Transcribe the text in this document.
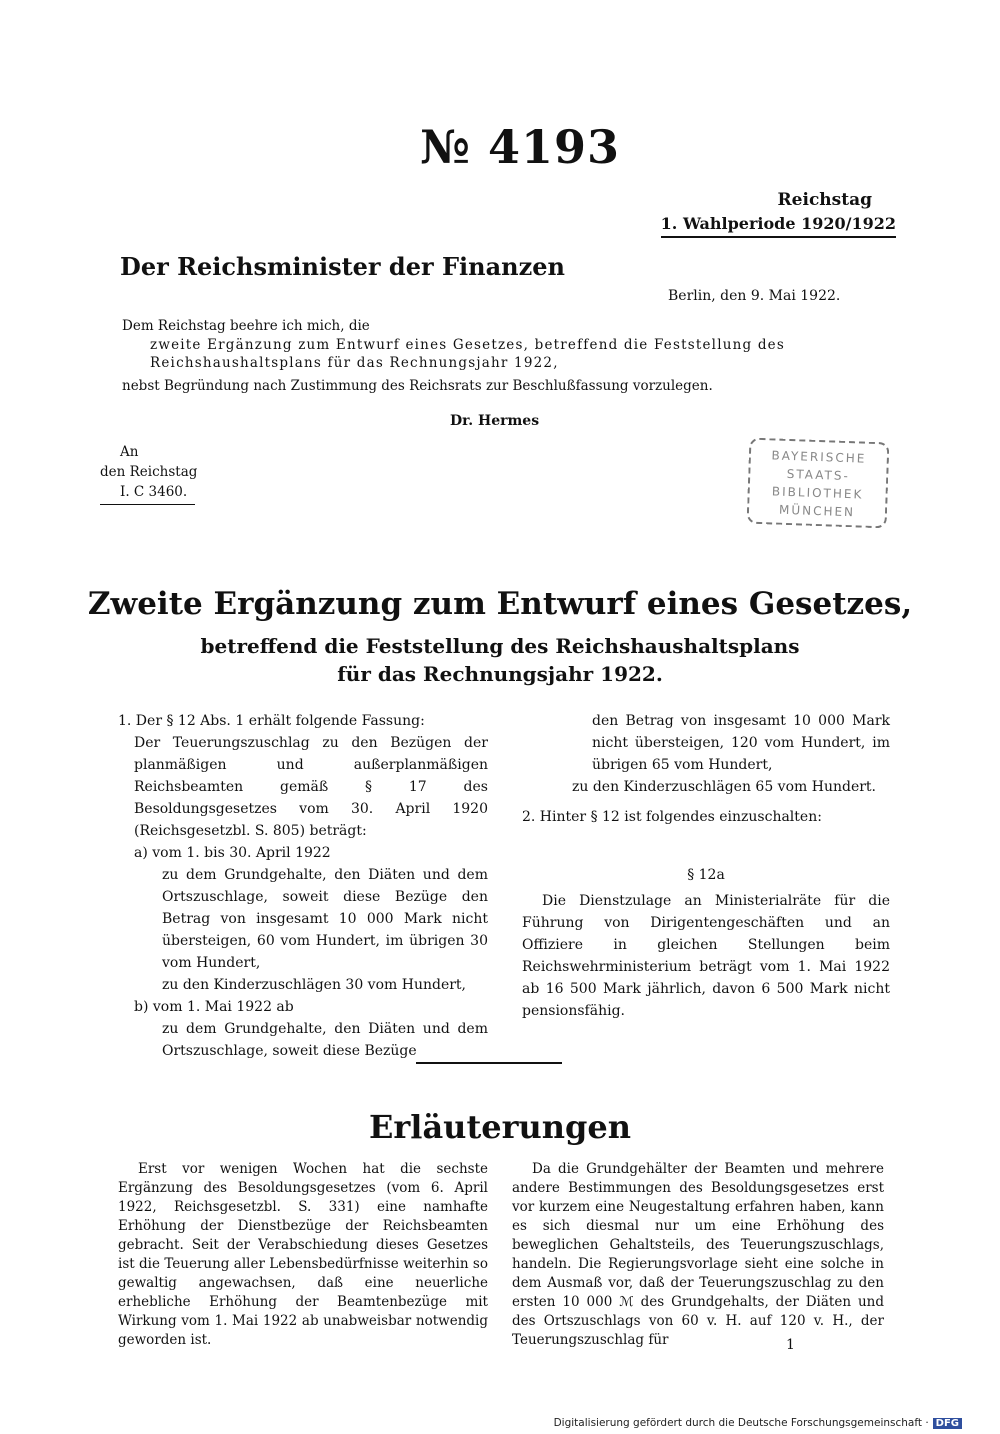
№ 4193
Reichstag
1. Wahlperiode 1920/1922
Der Reichsminister der Finanzen
Berlin, den 9. Mai 1922.
Dem Reichstag beehre ich mich, die
zweite Ergänzung zum Entwurf eines Gesetzes, betreffend die Feststellung des Reichshaushaltsplans für das Rechnungsjahr 1922,
nebst Begründung nach Zustimmung des Reichsrats zur Beschlußfassung vorzulegen.
Dr. Hermes
An
den Reichstag
I. C 3460.
BAYERISCHE
STAATS-
BIBLIOTHEK
MÜNCHEN
Zweite Ergänzung zum Entwurf eines Gesetzes,
betreffend die Feststellung des Reichshaushaltsplans
für das Rechnungsjahr 1922.

1. Der § 12 Abs. 1 erhält folgende Fassung:

Der Teuerungszuschlag zu den Bezügen der planmäßigen und außerplanmäßigen Reichsbeamten gemäß § 17 des Besoldungsgesetzes vom 30. April 1920 (Reichsgesetzbl. S. 805) beträgt:

a) vom 1. bis 30. April 1922

zu dem Grundgehalte, den Diäten und dem Ortszuschlage, soweit diese Bezüge den Betrag von insgesamt 10 000 Mark nicht übersteigen, 60 vom Hundert, im übrigen 30 vom Hundert,

zu den Kinderzuschlägen 30 vom Hundert,

b) vom 1. Mai 1922 ab

zu dem Grundgehalte, den Diäten und dem Ortszuschlage, soweit diese Bezüge

den Betrag von insgesamt 10 000 Mark nicht übersteigen, 120 vom Hundert, im übrigen 65 vom Hundert,

zu den Kinderzuschlägen 65 vom Hundert.

2. Hinter § 12 ist folgendes einzuschalten:

§ 12a

Die Dienstzulage an Ministerialräte für die Führung von Dirigentengeschäften und an Offiziere in gleichen Stellungen beim Reichswehrministerium beträgt vom 1. Mai 1922 ab 16 500 Mark jährlich, davon 6 500 Mark nicht pensionsfähig.

Erläuterungen
Erst vor wenigen Wochen hat die sechste Ergänzung des Besoldungsgesetzes (vom 6. April 1922, Reichsgesetzbl. S. 331) eine namhafte Erhöhung der Dienstbezüge der Reichsbeamten gebracht. Seit der Verabschiedung dieses Gesetzes ist die Teuerung aller Lebensbedürfnisse weiterhin so gewaltig angewachsen, daß eine neuerliche erhebliche Erhöhung der Beamtenbezüge mit Wirkung vom 1. Mai 1922 ab unabweisbar notwendig geworden ist.
Da die Grundgehälter der Beamten und mehrere andere Bestimmungen des Besoldungsgesetzes erst vor kurzem eine Neugestaltung erfahren haben, kann es sich diesmal nur um eine Erhöhung des beweglichen Gehaltsteils, des Teuerungszuschlags, handeln. Die Regierungsvorlage sieht eine solche in dem Ausmaß vor, daß der Teuerungszuschlag zu den ersten 10 000 ℳ des Grundgehalts, der Diäten und des Ortszuschlags von 60 v. H. auf 120 v. H., der Teuerungszuschlag für	1
Digitalisierung gefördert durch die Deutsche Forschungsgemeinschaft · DFG
